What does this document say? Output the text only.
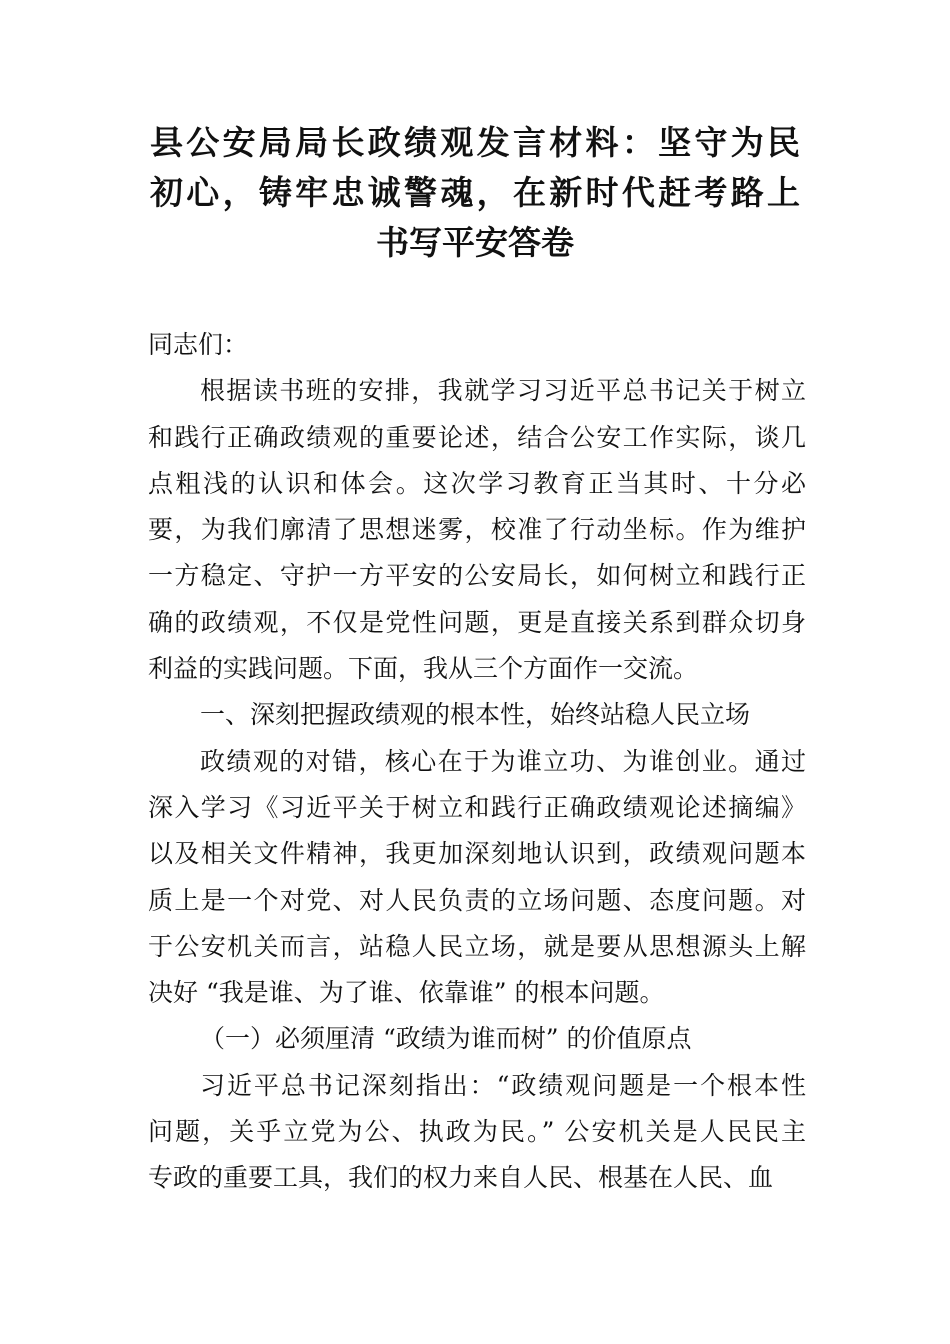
县公安局局长政绩观发言材料：坚守为民
初心，铸牢忠诚警魂，在新时代赶考路上
书写平安答卷
同志们：
根据读书班的安排，我就学习习近平总书记关于树立
和践行正确政绩观的重要论述，结合公安工作实际，谈几
点粗浅的认识和体会。这次学习教育正当其时、十分必
要，为我们廓清了思想迷雾，校准了行动坐标。作为维护
一方稳定、守护一方平安的公安局长，如何树立和践行正
确的政绩观，不仅是党性问题，更是直接关系到群众切身
利益的实践问题。下面，我从三个方面作一交流。
一、深刻把握政绩观的根本性，始终站稳人民立场
政绩观的对错，核心在于为谁立功、为谁创业。通过
深入学习《习近平关于树立和践行正确政绩观论述摘编》
以及相关文件精神，我更加深刻地认识到，政绩观问题本
质上是一个对党、对人民负责的立场问题、态度问题。对
于公安机关而言，站稳人民立场，就是要从思想源头上解
决好 “我是谁、为了谁、依靠谁” 的根本问题。
（一）必须厘清 “政绩为谁而树” 的价值原点
习近平总书记深刻指出：“政绩观问题是一个根本性
问题，关乎立党为公、执政为民。” 公安机关是人民民主
专政的重要工具，我们的权力来自人民、根基在人民、血
